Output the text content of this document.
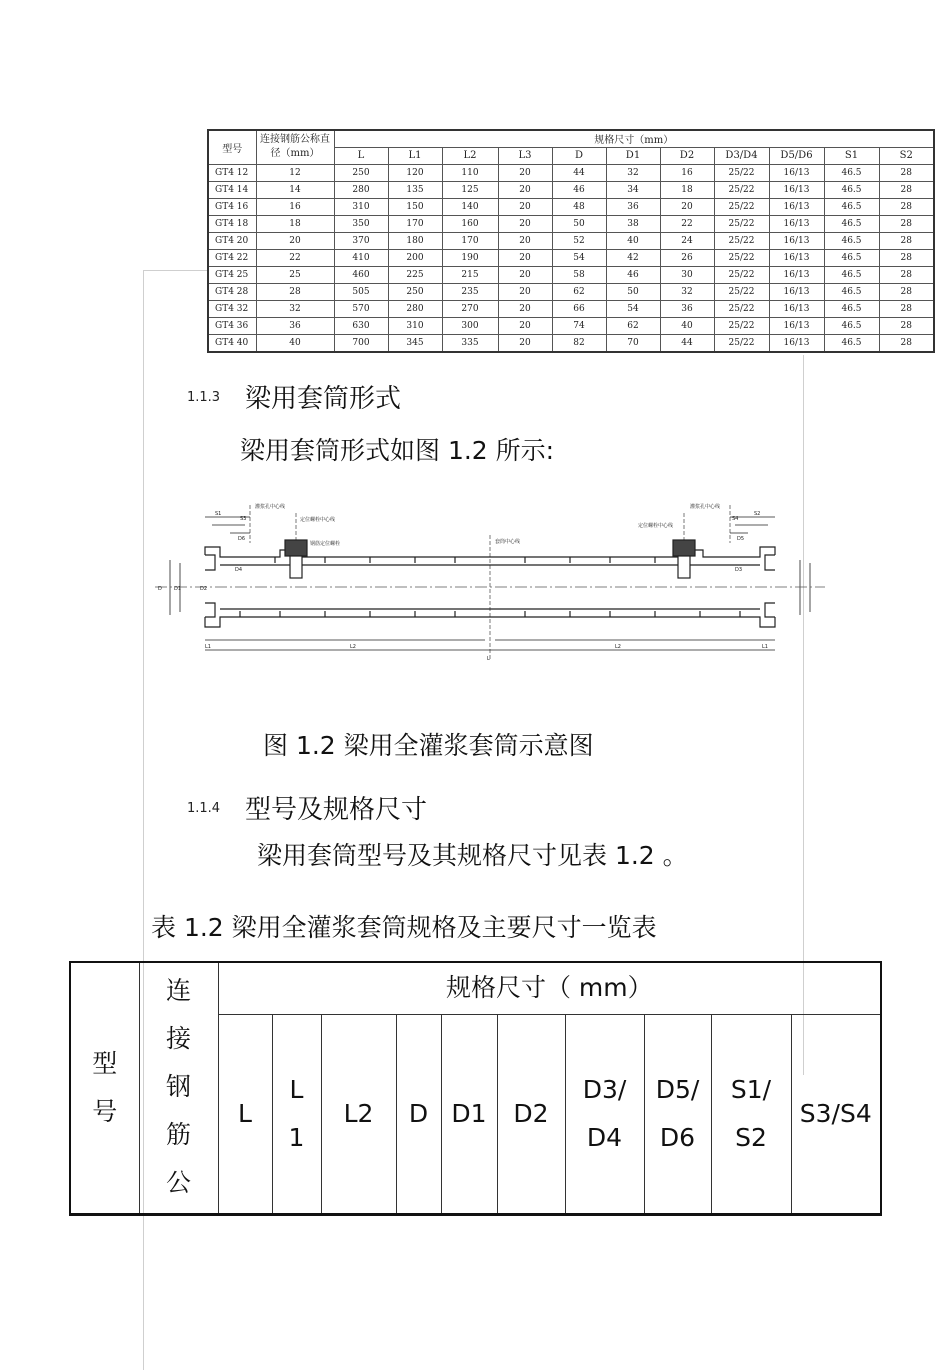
型号	连接钢筋公称直径（mm）	规格尺寸（mm）										
		L	L1	L2	L3	D	D1	D2	D3/D4	D5/D6	S1	S2
GT4 12	12	250	120	110	20	44	32	16	25/22	16/13	46.5	28
GT4 14	14	280	135	125	20	46	34	18	25/22	16/13	46.5	28
GT4 16	16	310	150	140	20	48	36	20	25/22	16/13	46.5	28
GT4 18	18	350	170	160	20	50	38	22	25/22	16/13	46.5	28
GT4 20	20	370	180	170	20	52	40	24	25/22	16/13	46.5	28
GT4 22	22	410	200	190	20	54	42	26	25/22	16/13	46.5	28
GT4 25	25	460	225	215	20	58	46	30	25/22	16/13	46.5	28
GT4 28	28	505	250	235	20	62	50	32	25/22	16/13	46.5	28
GT4 32	32	570	280	270	20	66	54	36	25/22	16/13	46.5	28
GT4 36	36	630	310	300	20	74	62	40	25/22	16/13	46.5	28
GT4 40	40	700	345	335	20	82	70	44	25/22	16/13	46.5	28
1.1.3 梁用套筒形式
梁用套筒形式如图 1.2 所示:
灌浆孔中心线	灌浆孔中心线
定位螺栓中心线
定位螺栓中心线
钢筋定位螺栓	套筒中心线
S1
S3
S2
S4
D4	D3
D6	D5
D D1	D2
L1	L2	L2	L1
L
图 1.2 梁用全灌浆套筒示意图
1.1.4 型号及规格尺寸
梁用套筒型号及其规格尺寸见表 1.2 。
表 1.2 梁用全灌浆套筒规格及主要尺寸一览表
型号	连接钢筋公	规格尺寸（ mm）									

		L	L1	L2	D	D1	D2	D3/D4	D5/D6	S1/S2	S3/S4
